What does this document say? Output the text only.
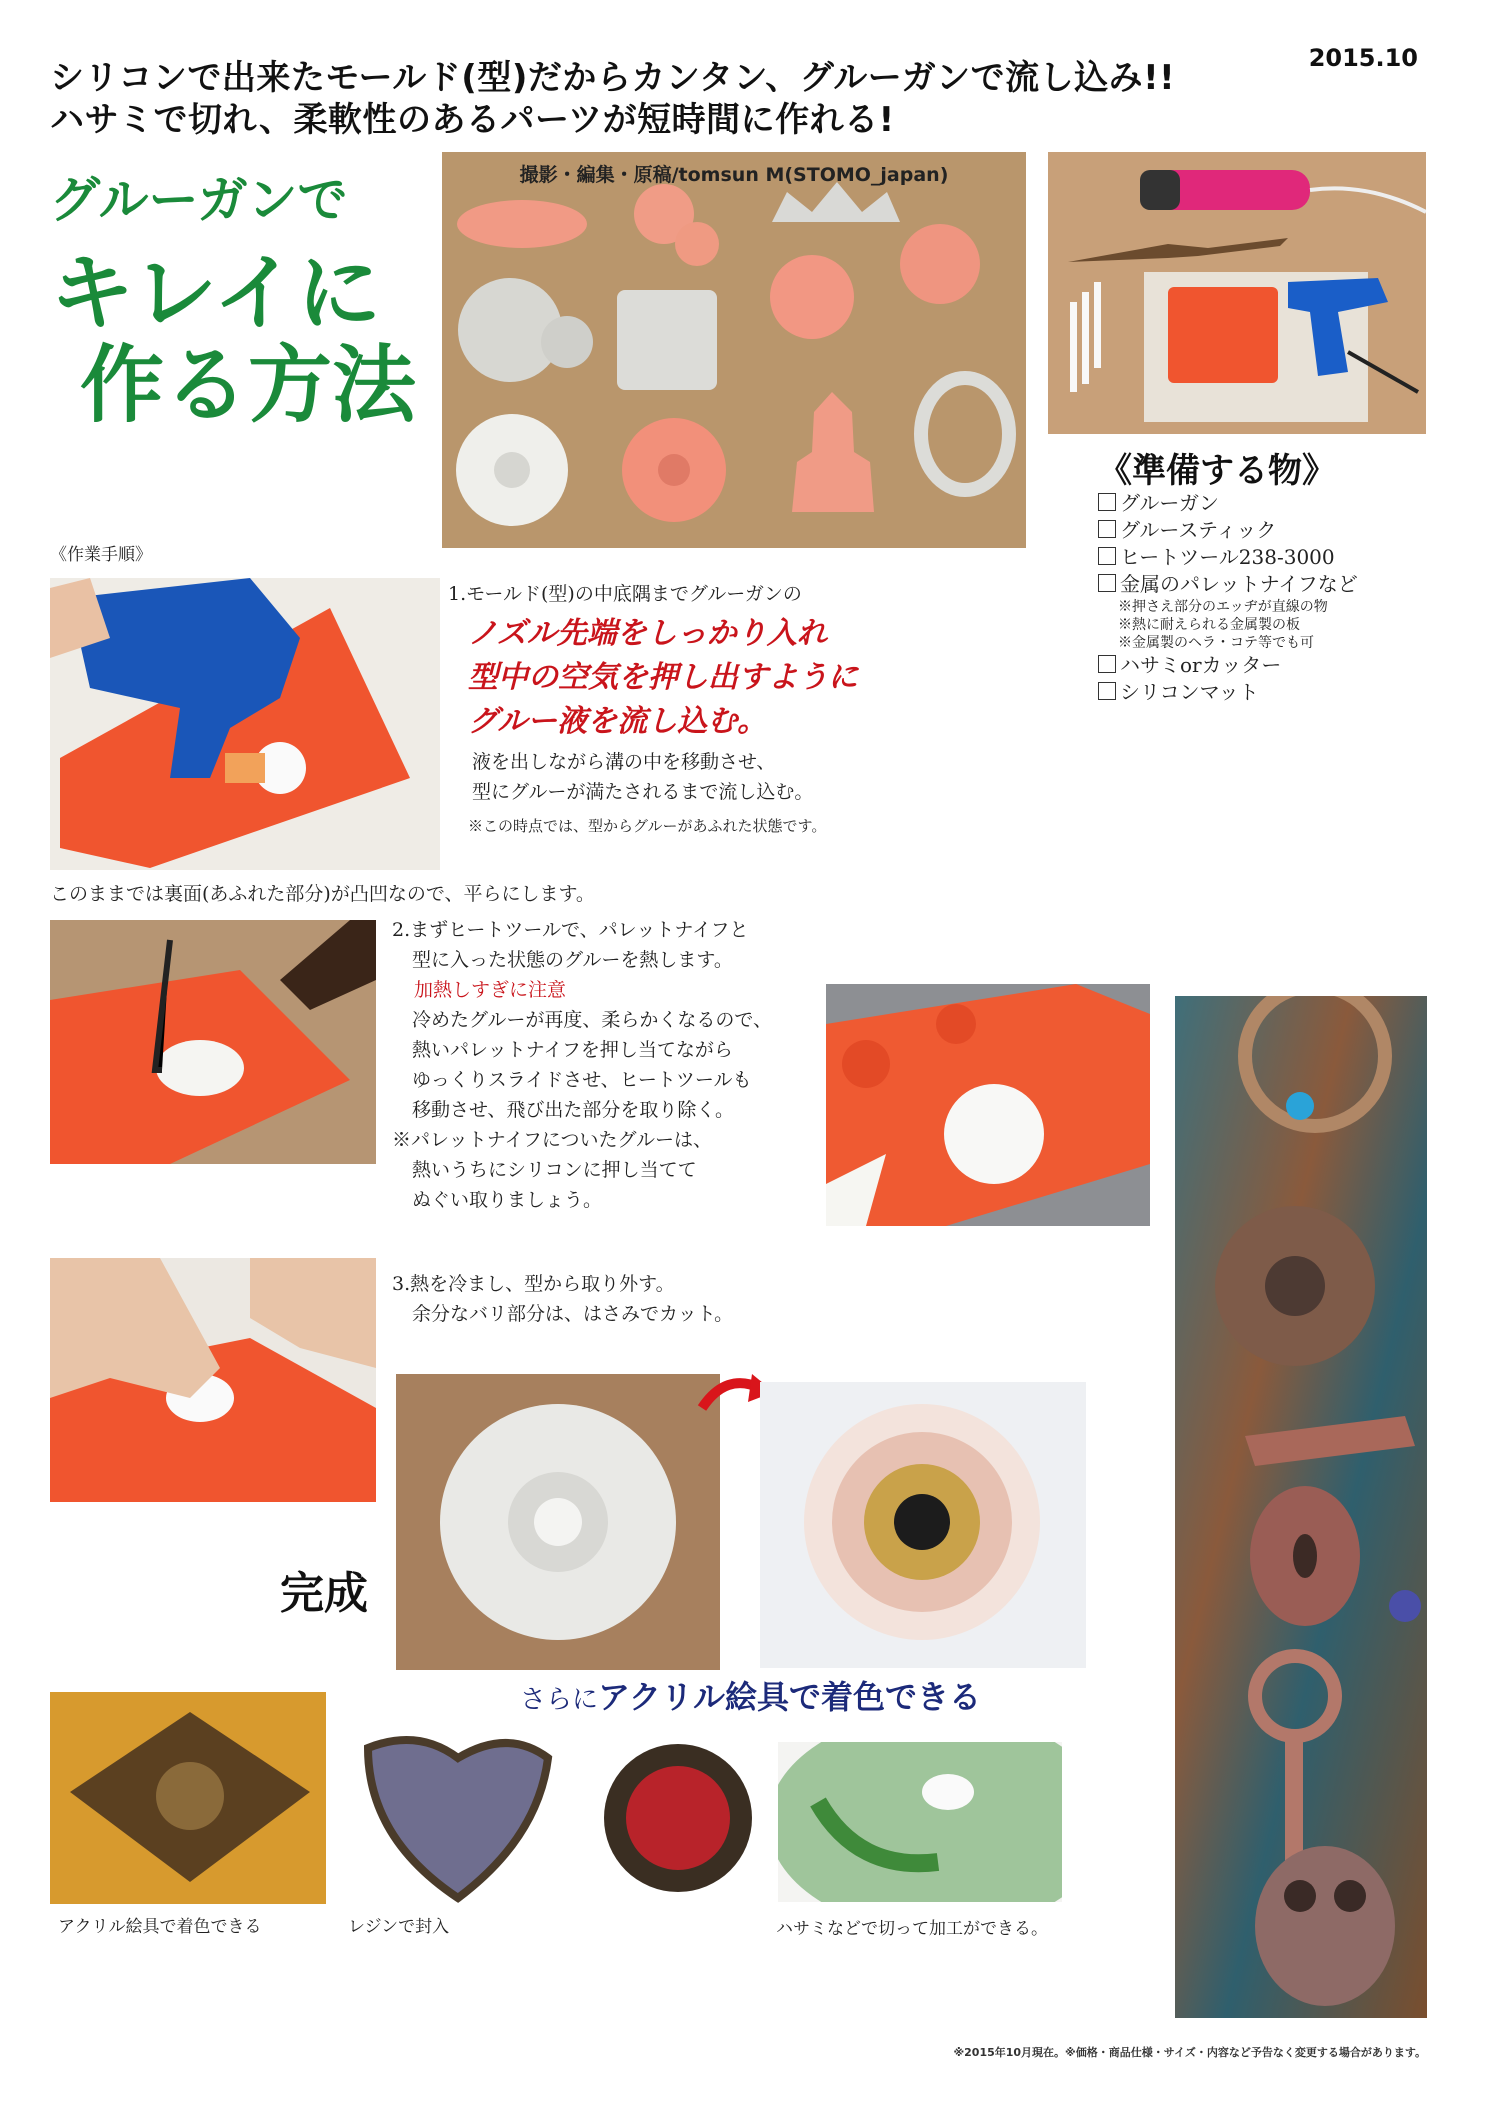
シリコンで出来たモールド(型)だからカンタン、グルーガンで流し込み!!
ハサミで切れ、柔軟性のあるパーツが短時間に作れる!
2015.10
グルーガンで
キレイに
作る方法
撮影・編集・原稿/tomsun M(STOMO_japan)
《準備する物》
グルーガン
グルースティック
ヒートツール238-3000
金属のパレットナイフなど
※押さえ部分のエッヂが直線の物
※熱に耐えられる金属製の板
※金属製のヘラ・コテ等でも可
ハサミorカッター
シリコンマット
《作業手順》
1.モールド(型)の中底隅までグルーガンの
ノズル先端をしっかり入れ
型中の空気を押し出すように
グルー液を流し込む。
液を出しながら溝の中を移動させ、
型にグルーが満たされるまで流し込む。
※この時点では、型からグルーがあふれた状態です。
このままでは裏面(あふれた部分)が凸凹なので、平らにします。
2.まずヒートツールで、パレットナイフと
型に入った状態のグルーを熱します。
加熱しすぎに注意
冷めたグルーが再度、柔らかくなるので、
熱いパレットナイフを押し当てながら
ゆっくりスライドさせ、ヒートツールも
移動させ、飛び出た部分を取り除く。
※パレットナイフについたグルーは、
熱いうちにシリコンに押し当てて
ぬぐい取りましょう。
3.熱を冷まし、型から取り外す。
余分なバリ部分は、はさみでカット。
完成
さらにアクリル絵具で着色できる
アクリル絵具で着色できる	レジンで封入	ハサミなどで切って加工ができる。
※2015年10月現在。※価格・商品仕様・サイズ・内容など予告なく変更する場合があります。
